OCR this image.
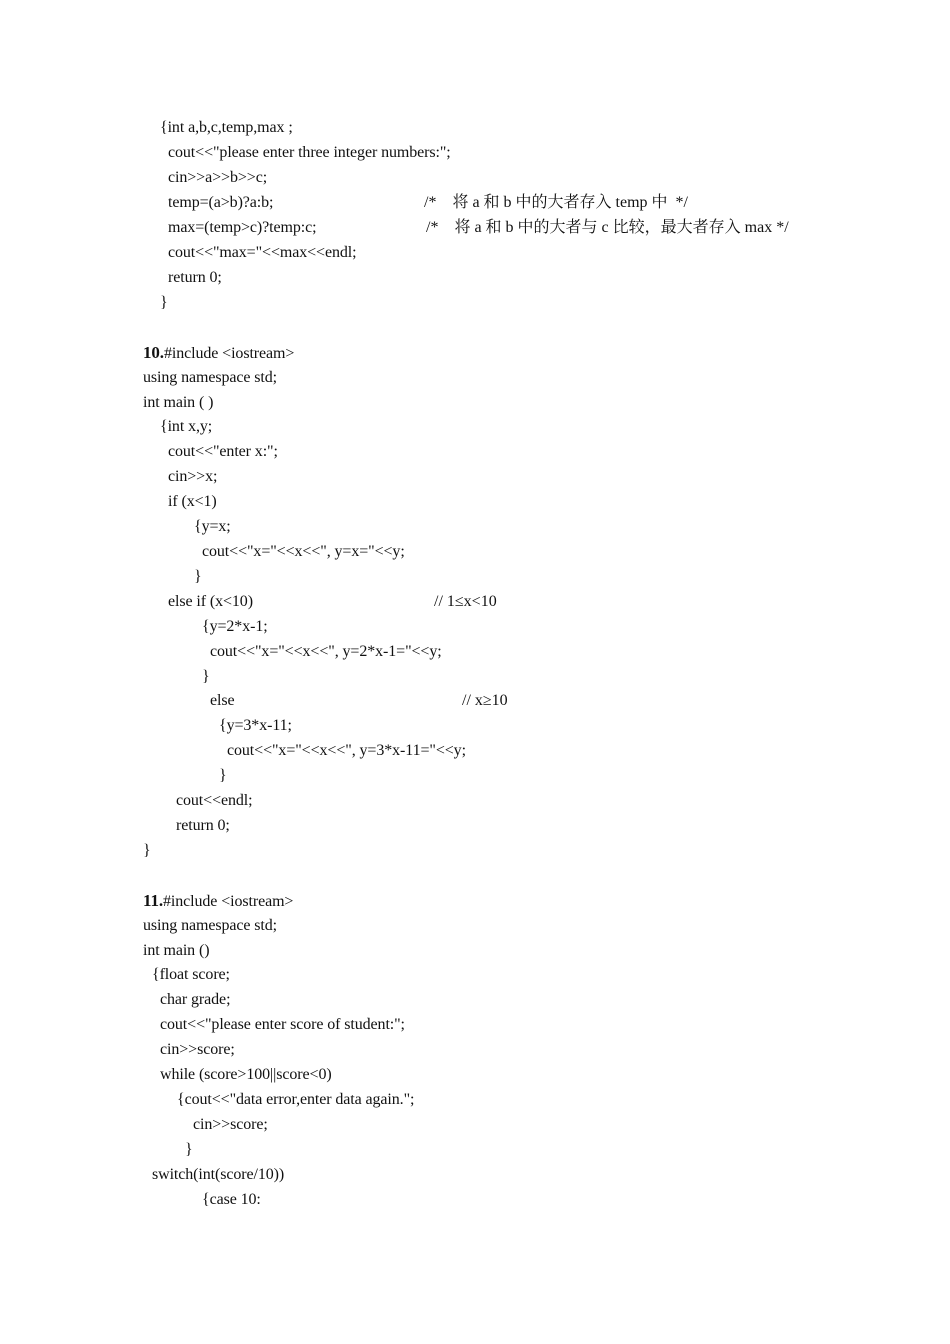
{int a,b,c,temp,max ;
cout<<"please enter three integer numbers:";
cin>>a>>b>>c;
temp=(a>b)?a:b;	/*    将 a 和 b 中的大者存入 temp 中  */
max=(temp>c)?temp:c;	/*    将 a 和 b 中的大者与 c 比较，最大者存入 max */
cout<<"max="<<max<<endl;
return 0;
}
10.#include <iostream>
using namespace std;
int main ( )
{int x,y;
cout<<"enter x:";
cin>>x;
if (x<1)
{y=x;
cout<<"x="<<x<<", y=x="<<y;
}
else if (x<10)	// 1≤x<10
{y=2*x-1;
cout<<"x="<<x<<", y=2*x-1="<<y;
}
else	// x≥10
{y=3*x-11;
cout<<"x="<<x<<", y=3*x-11="<<y;
}
cout<<endl;
return 0;
}
11.#include <iostream>
using namespace std;
int main ()
{float score;
char grade;
cout<<"please enter score of student:";
cin>>score;
while (score>100||score<0)
{cout<<"data error,enter data again.";
cin>>score;
}
switch(int(score/10))
{case 10:
